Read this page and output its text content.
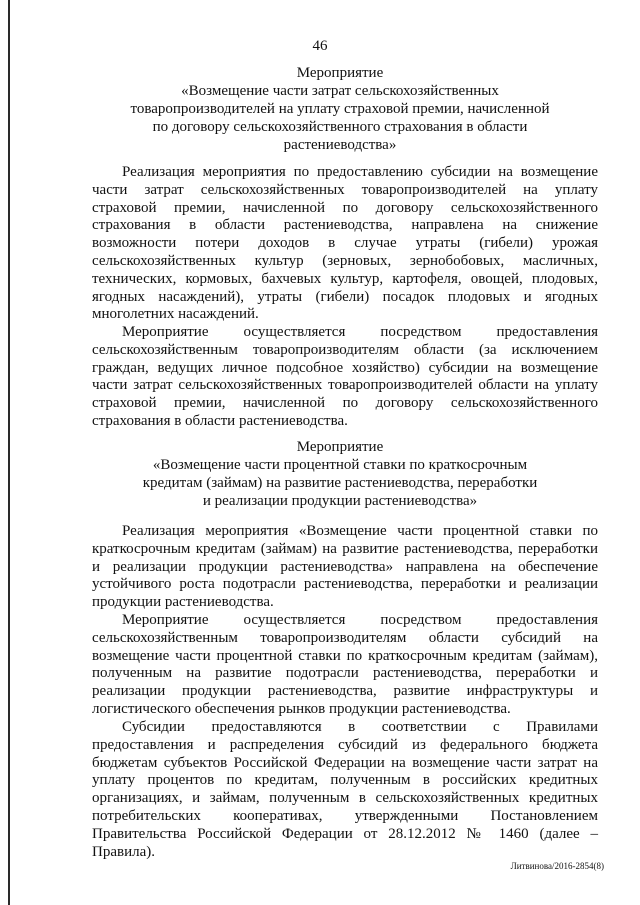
46
Мероприятие
«Возмещение части затрат сельскохозяйственных
товаропроизводителей на уплату страховой премии, начисленной
по договору сельскохозяйственного страхования в области
растениеводства»
Реализация мероприятия по предоставлению субсидии на возмещение
части затрат сельскохозяйственных товаропроизводителей на уплату
страховой премии, начисленной по договору сельскохозяйственного
страхования в области растениеводства, направлена на снижение
возможности потери доходов в случае утраты (гибели) урожая
сельскохозяйственных культур (зерновых, зернобобовых, масличных,
технических, кормовых, бахчевых культур, картофеля, овощей, плодовых,
ягодных насаждений), утраты (гибели) посадок плодовых и ягодных
многолетних насаждений.
Мероприятие осуществляется посредством предоставления
сельскохозяйственным товаропроизводителям области (за исключением
граждан, ведущих личное подсобное хозяйство) субсидии на возмещение
части затрат сельскохозяйственных товаропроизводителей области на уплату
страховой премии, начисленной по договору сельскохозяйственного
страхования в области растениеводства.
Мероприятие
«Возмещение части процентной ставки по краткосрочным
кредитам (займам) на развитие растениеводства, переработки
и реализации продукции растениеводства»
Реализация мероприятия «Возмещение части процентной ставки по
краткосрочным кредитам (займам) на развитие растениеводства, переработки
и реализации продукции растениеводства» направлена на обеспечение
устойчивого роста подотрасли растениеводства, переработки и реализации
продукции растениеводства.
Мероприятие осуществляется посредством предоставления
сельскохозяйственным товаропроизводителям области субсидий на
возмещение части процентной ставки по краткосрочным кредитам (займам),
полученным на развитие подотрасли растениеводства, переработки и
реализации продукции растениеводства, развитие инфраструктуры и
логистического обеспечения рынков продукции растениеводства.
Субсидии предоставляются в соответствии с Правилами
предоставления и распределения субсидий из федерального бюджета
бюджетам субъектов Российской Федерации на возмещение части затрат на
уплату процентов по кредитам, полученным в российских кредитных
организациях, и займам, полученным в сельскохозяйственных кредитных
потребительских кооперативах, утвержденными Постановлением
Правительства Российской Федерации от 28.12.2012 № 1460 (далее –
Правила).
Литвинова/2016-2854(8)
